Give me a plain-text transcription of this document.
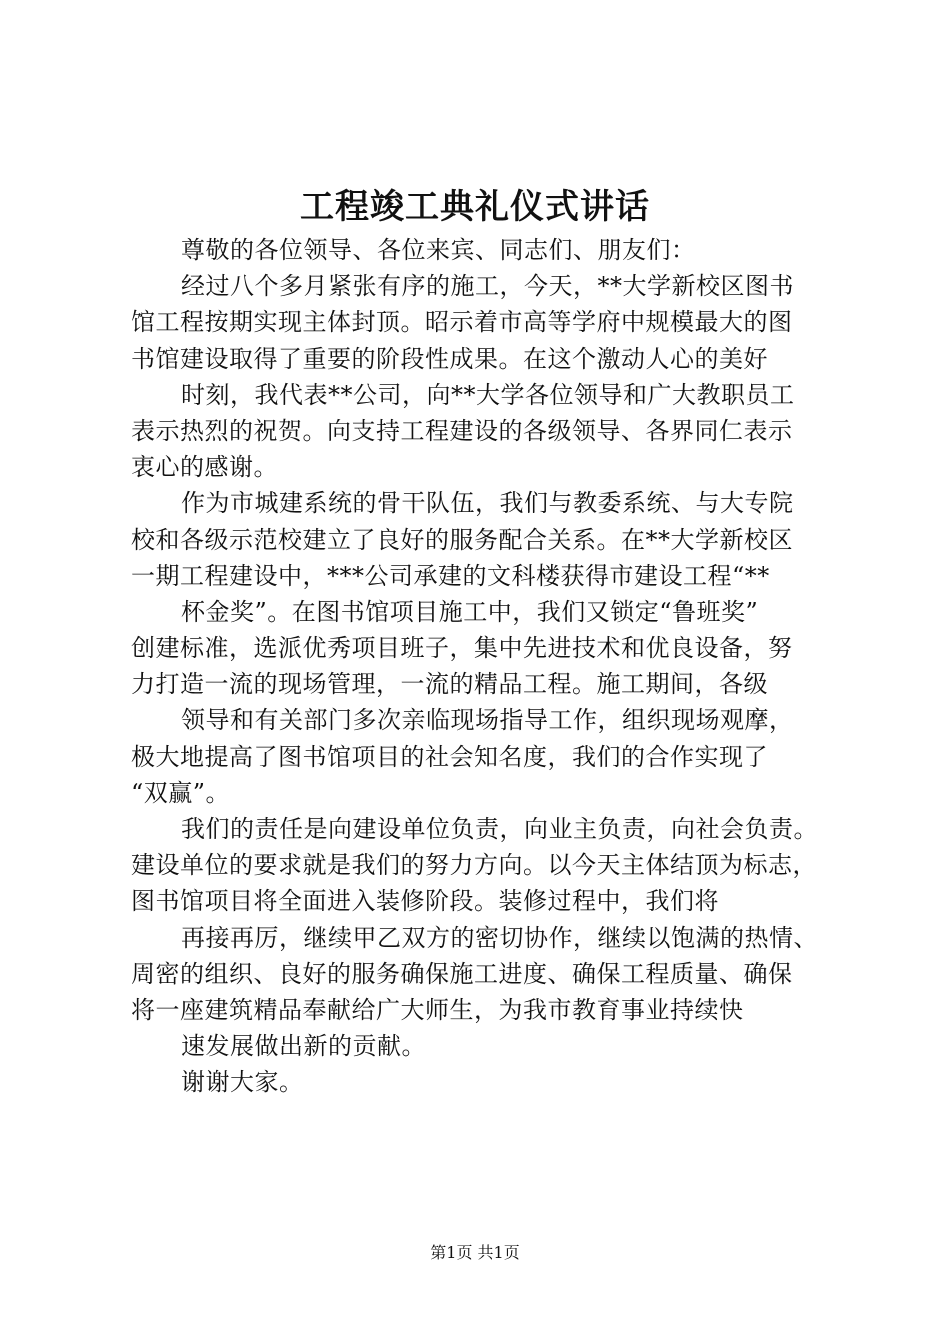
工程竣工典礼仪式讲话
尊敬的各位领导、各位来宾、同志们、朋友们：
经过八个多月紧张有序的施工，今天，**大学新校区图书
馆工程按期实现主体封顶。昭示着市高等学府中规模最大的图
书馆建设取得了重要的阶段性成果。在这个激动人心的美好
时刻，我代表**公司，向**大学各位领导和广大教职员工
表示热烈的祝贺。向支持工程建设的各级领导、各界同仁表示
衷心的感谢。
作为市城建系统的骨干队伍，我们与教委系统、与大专院
校和各级示范校建立了良好的服务配合关系。在**大学新校区
一期工程建设中，***公司承建的文科楼获得市建设工程“**
杯金奖”。在图书馆项目施工中，我们又锁定“鲁班奖”
创建标准，选派优秀项目班子，集中先进技术和优良设备，努
力打造一流的现场管理，一流的精品工程。施工期间，各级
领导和有关部门多次亲临现场指导工作，组织现场观摩，
极大地提高了图书馆项目的社会知名度，我们的合作实现了
“双赢”。
我们的责任是向建设单位负责，向业主负责，向社会负责。
建设单位的要求就是我们的努力方向。以今天主体结顶为标志，
图书馆项目将全面进入装修阶段。装修过程中，我们将
再接再厉，继续甲乙双方的密切协作，继续以饱满的热情、
周密的组织、良好的服务确保施工进度、确保工程质量、确保
将一座建筑精品奉献给广大师生，为我市教育事业持续快
速发展做出新的贡献。
谢谢大家。
第1页 共1页
